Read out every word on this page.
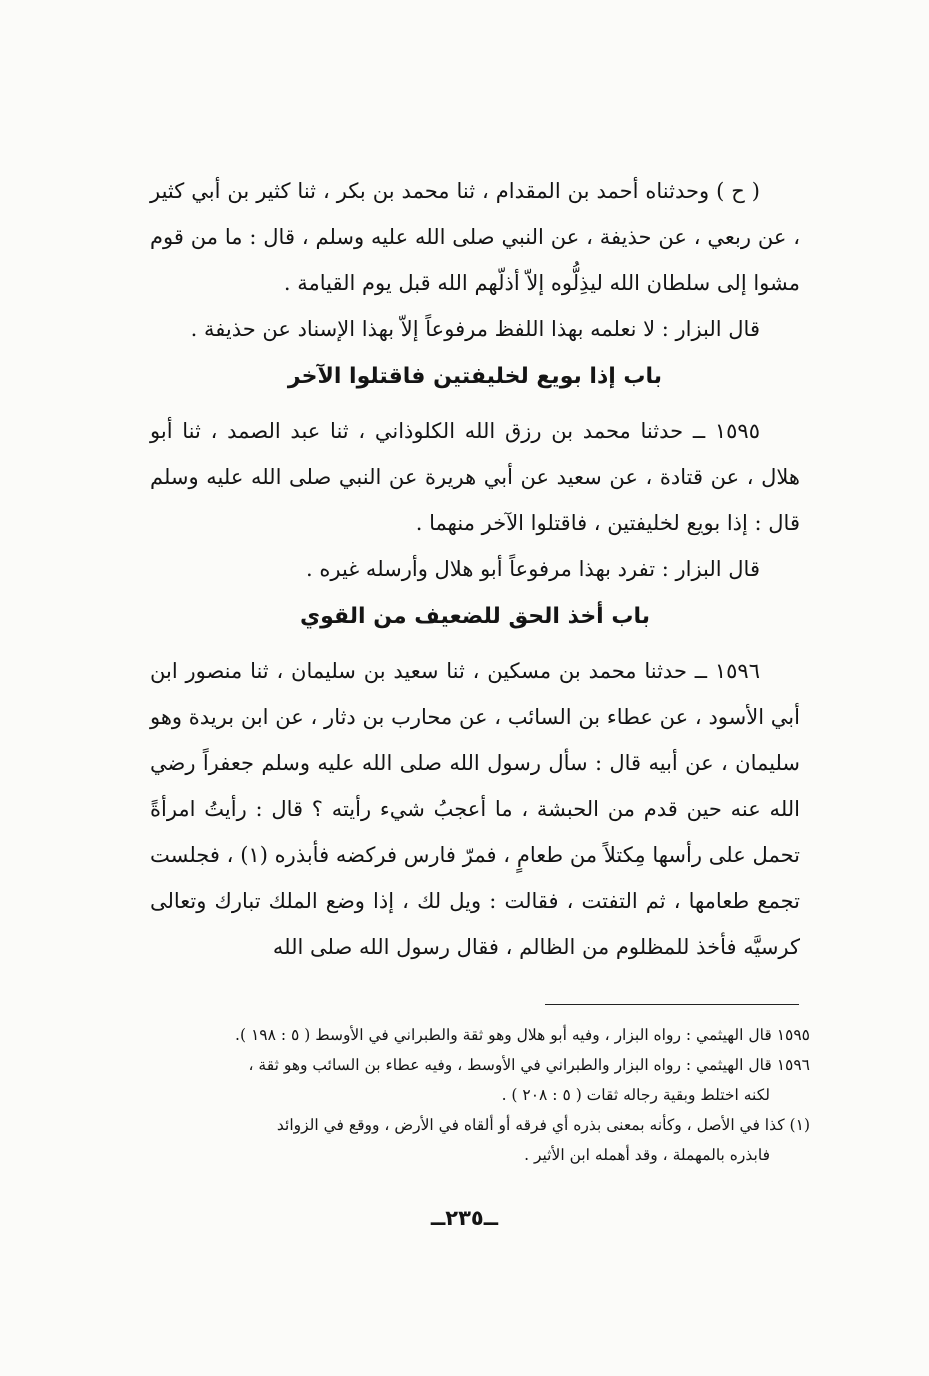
( ح ) وحدثناه أحمد بن المقدام ، ثنا محمد بن بكر ، ثنا كثير بن أبي كثير ، عن ربعي ، عن حذيفة ، عن النبي صلى الله عليه وسلم ، قال : ما من قوم مشوا إلى سلطان الله ليذِلُّوه إلاّ أذلّهم الله قبل يوم القيامة .

قال البزار : لا نعلمه بهذا اللفظ مرفوعاً إلاّ بهذا الإسناد عن حذيفة .

باب إذا بويع لخليفتين فاقتلوا الآخر

١٥٩٥ ــ حدثنا محمد بن رزق الله الكلوذاني ، ثنا عبد الصمد ، ثنا أبو هلال ، عن قتادة ، عن سعيد عن أبي هريرة عن النبي صلى الله عليه وسلم قال : إذا بويع لخليفتين ، فاقتلوا الآخر منهما .

قال البزار : تفرد بهذا مرفوعاً أبو هلال وأرسله غيره .

باب أخذ الحق للضعيف من القوي

١٥٩٦ ــ حدثنا محمد بن مسكين ، ثنا سعيد بن سليمان ، ثنا منصور ابن أبي الأسود ، عن عطاء بن السائب ، عن محارب بن دثار ، عن ابن بريدة وهو سليمان ، عن أبيه قال : سأل رسول الله صلى الله عليه وسلم جعفراً رضي الله عنه حين قدم من الحبشة ، ما أعجبُ شيء رأيته ؟ قال : رأيتُ امرأةً تحمل على رأسها مِكتلاً من طعامٍ ، فمرّ فارس فركضه فأبذره (١) ، فجلست تجمع طعامها ، ثم التفتت ، فقالت : ويل لك ، إذا وضع الملك تبارك وتعالى كرسيَّه فأخذ للمظلوم من الظالم ، فقال رسول الله صلى الله

١٥٩٥ قال الهيثمي : رواه البزار ، وفيه أبو هلال وهو ثقة والطبراني في الأوسط ( ٥ : ١٩٨ ).

١٥٩٦ قال الهيثمي : رواه البزار والطبراني في الأوسط ، وفيه عطاء بن السائب وهو ثقة ،

لكنه اختلط وبقية رجاله ثقات ( ٥ : ٢٠٨ ) .

(١) كذا في الأصل ، وكأنه بمعنى بذره أي فرقه أو ألقاه في الأرض ، ووقع في الزوائد

فابذره بالمهملة ، وقد أهمله ابن الأثير .

ــ٢٣٥ــ
